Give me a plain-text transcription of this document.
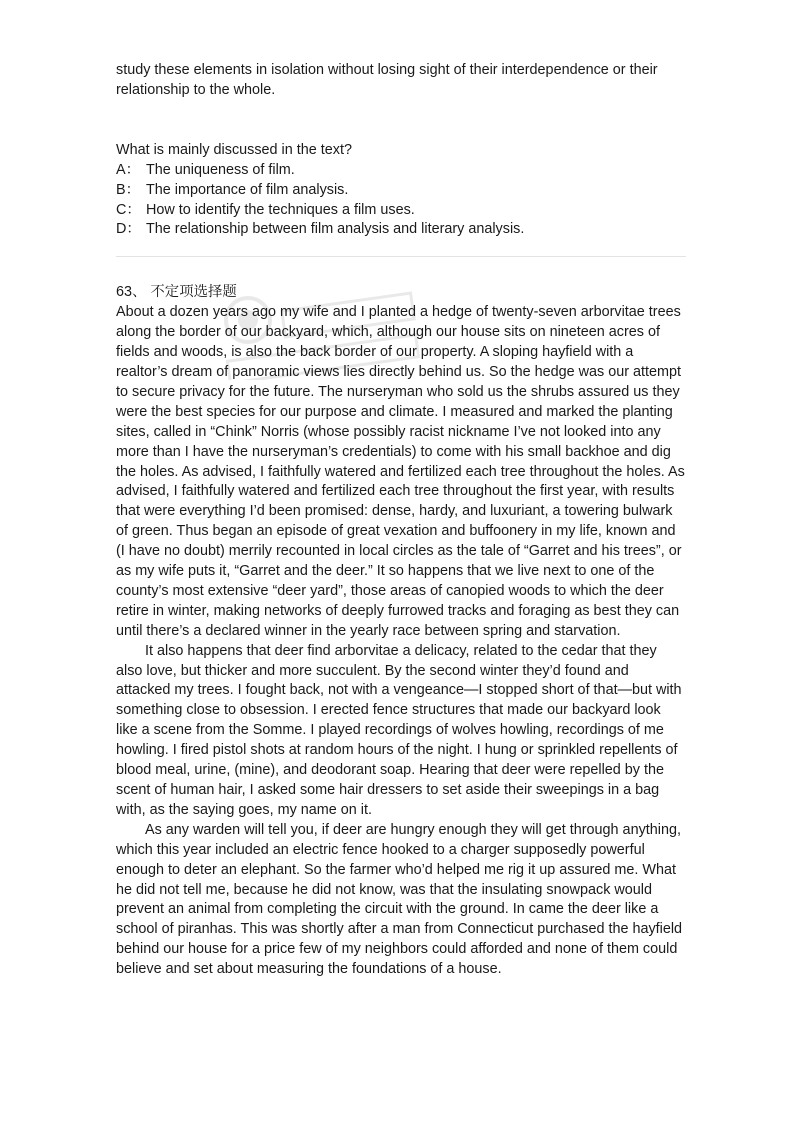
study these elements in isolation without losing sight of their interdependence or their relationship to the whole.

What is mainly discussed in the text?

A： The uniqueness of film.

B： The importance of film analysis.

C： How to identify the techniques a film uses.

D： The relationship between film analysis and literary analysis.

63、 不定项选择题

About a dozen years ago my wife and I planted a hedge of twenty-seven arborvitae trees along the border of our backyard, which, although our house sits on nineteen acres of fields and woods, is also the back border of our property. A sloping hayfield with a realtor’s dream of panoramic views lies directly behind us. So the hedge was our attempt to secure privacy for the future. The nurseryman who sold us the shrubs assured us they were the best species for our purpose and climate. I measured and marked the planting sites, called in “Chink” Norris (whose possibly racist nickname I’ve not looked into any more than I have the nurseryman’s credentials) to come with his small backhoe and dig the holes. As advised, I faithfully watered and fertilized each tree throughout the holes. As advised, I faithfully watered and fertilized each tree throughout the first year, with results that were everything I’d been promised: dense, hardy, and luxuriant, a towering bulwark of green. Thus began an episode of great vexation and buffoonery in my life, known and (I have no doubt) merrily recounted in local circles as the tale of “Garret and his trees”, or as my wife puts it, “Garret and the deer.” It so happens that we live next to one of the county’s most extensive “deer yard”, those areas of canopied woods to which the deer retire in winter, making networks of deeply furrowed tracks and foraging as best they can until there’s a declared winner in the yearly race between spring and starvation.

It also happens that deer find arborvitae a delicacy, related to the cedar that they also love, but thicker and more succulent. By the second winter they’d found and attacked my trees. I fought back, not with a vengeance—I stopped short of that—but with something close to obsession. I erected fence structures that made our backyard look like a scene from the Somme. I played recordings of wolves howling, recordings of me howling. I fired pistol shots at random hours of the night. I hung or sprinkled repellents of blood meal, urine, (mine), and deodorant soap. Hearing that deer were repelled by the scent of human hair, I asked some hair dressers to set aside their sweepings in a bag with, as the saying goes, my name on it.

As any warden will tell you, if deer are hungry enough they will get through anything, which this year included an electric fence hooked to a charger supposedly powerful enough to deter an elephant. So the farmer who’d helped me rig it up assured me. What he did not tell me, because he did not know, was that the insulating snowpack would prevent an animal from completing the circuit with the ground. In came the deer like a school of piranhas. This was shortly after a man from Connecticut purchased the hayfield behind our house for a price few of my neighbors could afforded and none of them could believe and set about measuring the foundations of a house.
